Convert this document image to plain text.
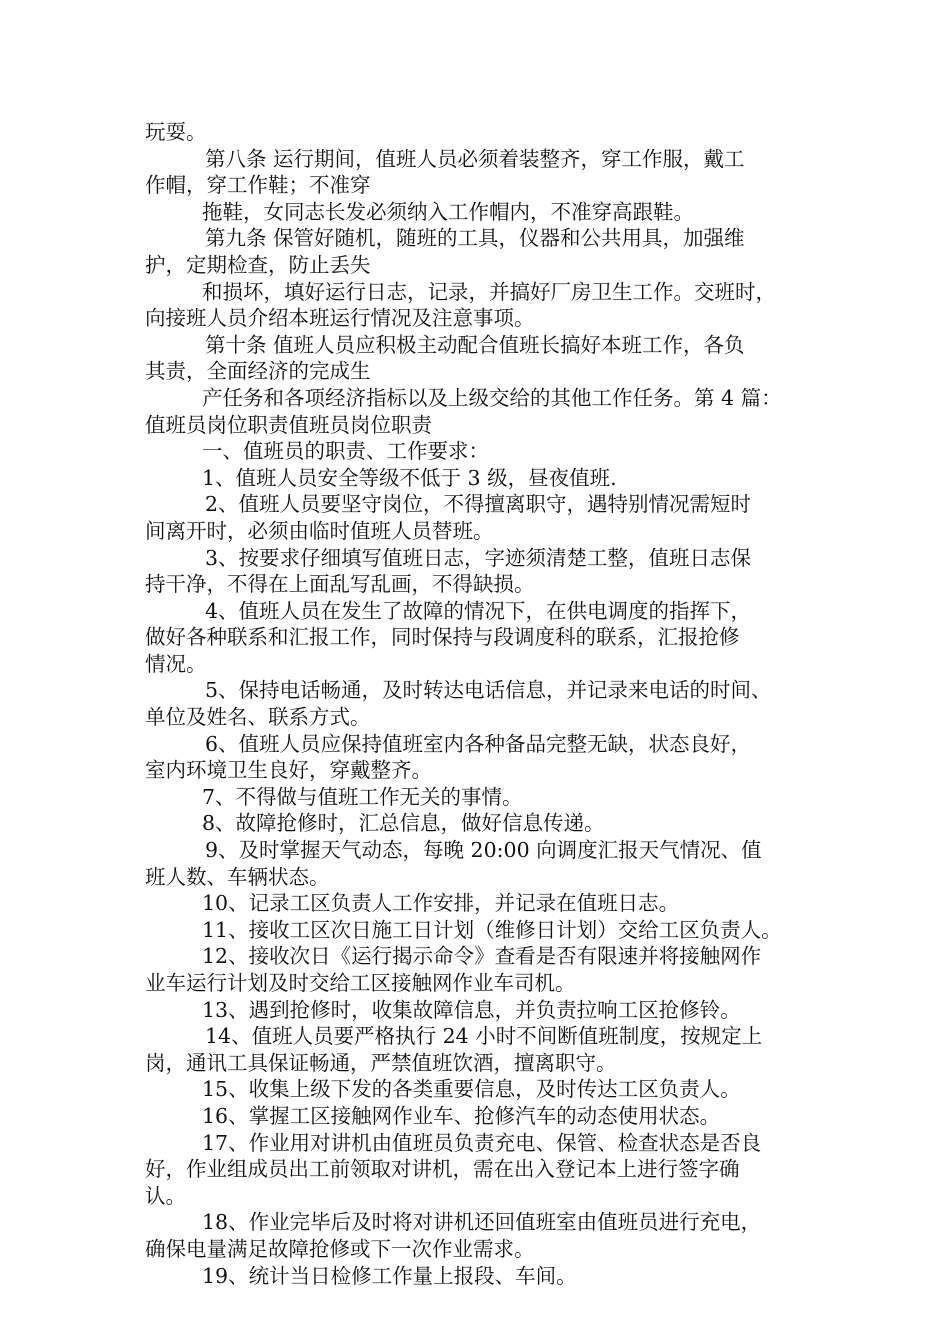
玩耍。

第八条 运行期间，值班人员必须着装整齐，穿工作服，戴工

作帽，穿工作鞋；不准穿

拖鞋，女同志长发必须纳入工作帽内，不准穿高跟鞋。

第九条 保管好随机，随班的工具，仪器和公共用具，加强维

护，定期检查，防止丢失

和损坏，填好运行日志，记录，并搞好厂房卫生工作。交班时，

向接班人员介绍本班运行情况及注意事项。

第十条 值班人员应积极主动配合值班长搞好本班工作，各负

其责，全面经济的完成生

产任务和各项经济指标以及上级交给的其他工作任务。第 4 篇：

值班员岗位职责值班员岗位职责

一、值班员的职责、工作要求：

1、值班人员安全等级不低于 3 级，昼夜值班.

2、值班人员要坚守岗位，不得擅离职守，遇特别情况需短时

间离开时，必须由临时值班人员替班。

3、按要求仔细填写值班日志，字迹须清楚工整，值班日志保

持干净，不得在上面乱写乱画，不得缺损。

4、值班人员在发生了故障的情况下，在供电调度的指挥下，

做好各种联系和汇报工作，同时保持与段调度科的联系，汇报抢修

情况。

5、保持电话畅通，及时转达电话信息，并记录来电话的时间、

单位及姓名、联系方式。

6、值班人员应保持值班室内各种备品完整无缺，状态良好，

室内环境卫生良好，穿戴整齐。

7、不得做与值班工作无关的事情。

8、故障抢修时，汇总信息，做好信息传递。

9、及时掌握天气动态，每晚 20:00 向调度汇报天气情况、值

班人数、车辆状态。

10、记录工区负责人工作安排，并记录在值班日志。

11、接收工区次日施工日计划（维修日计划）交给工区负责人。

12、接收次日《运行揭示命令》查看是否有限速并将接触网作

业车运行计划及时交给工区接触网作业车司机。

13、遇到抢修时，收集故障信息，并负责拉响工区抢修铃。

14、值班人员要严格执行 24 小时不间断值班制度，按规定上

岗，通讯工具保证畅通，严禁值班饮酒，擅离职守。

15、收集上级下发的各类重要信息，及时传达工区负责人。

16、掌握工区接触网作业车、抢修汽车的动态使用状态。

17、作业用对讲机由值班员负责充电、保管、检查状态是否良

好，作业组成员出工前领取对讲机，需在出入登记本上进行签字确

认。

18、作业完毕后及时将对讲机还回值班室由值班员进行充电，

确保电量满足故障抢修或下一次作业需求。

19、统计当日检修工作量上报段、车间。
